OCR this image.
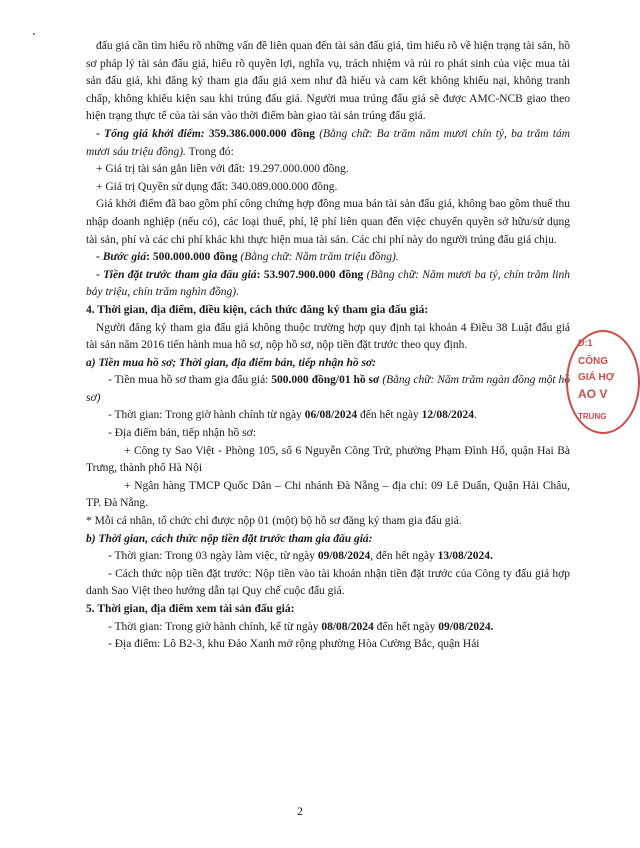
đấu giá cần tìm hiểu rõ những vấn đề liên quan đến tài sản đấu giá, tìm hiểu rõ về hiện trạng tài sản, hồ sơ pháp lý tài sản đấu giá, hiểu rõ quyền lợi, nghĩa vụ, trách nhiệm và rủi ro phát sinh của việc mua tài sản đấu giá, khi đăng ký tham gia đấu giá xem như đã hiểu và cam kết không khiếu nại, không tranh chấp, không khiếu kiện sau khi trúng đấu giá. Người mua trúng đấu giá sẽ được AMC-NCB giao theo hiện trạng thực tế của tài sản vào thời điểm bàn giao tài sản trúng đấu giá.

- Tổng giá khởi điểm: 359.386.000.000 đồng (Bằng chữ: Ba trăm năm mươi chín tỷ, ba trăm tám mươi sáu triệu đồng). Trong đó:

+ Giá trị tài sản gắn liền với đất: 19.297.000.000 đồng.

+ Giá trị Quyền sử dụng đất: 340.089.000.000 đồng.

Giá khởi điểm đã bao gồm phí công chứng hợp đồng mua bán tài sản đấu giá, không bao gồm thuế thu nhập doanh nghiệp (nếu có), các loại thuế, phí, lệ phí liên quan đến việc chuyển quyền sở hữu/sử dụng tài sản, phí và các chi phí khác khi thực hiện mua tài sản. Các chi phí này do người trúng đấu giá chịu.

- Bước giá: 500.000.000 đồng (Bằng chữ: Năm trăm triệu đồng).

- Tiền đặt trước tham gia đấu giá: 53.907.900.000 đồng (Bằng chữ: Năm mươi ba tỷ, chín trăm linh bảy triệu, chín trăm nghìn đồng).

4. Thời gian, địa điểm, điều kiện, cách thức đăng ký tham gia đấu giá:

Người đăng ký tham gia đấu giá không thuộc trường hợp quy định tại khoản 4 Điều 38 Luật đấu giá tài sản năm 2016 tiến hành mua hồ sơ, nộp hồ sơ, nộp tiền đặt trước theo quy định.

a) Tiền mua hồ sơ; Thời gian, địa điểm bán, tiếp nhận hồ sơ:

- Tiền mua hồ sơ tham gia đấu giá: 500.000 đồng/01 hồ sơ (Bằng chữ: Năm trăm ngàn đồng một hồ sơ)

- Thời gian: Trong giờ hành chính từ ngày 06/08/2024 đến hết ngày 12/08/2024.

- Địa điểm bán, tiếp nhận hồ sơ:

+ Công ty Sao Việt - Phòng 105, số 6 Nguyễn Công Trứ, phường Phạm Đình Hổ, quận Hai Bà Trưng, thành phố Hà Nội

+ Ngân hàng TMCP Quốc Dân – Chi nhánh Đà Nẵng – địa chỉ: 09 Lê Duẩn, Quận Hải Châu, TP. Đà Nẵng.

* Mỗi cá nhân, tổ chức chỉ được nộp 01 (một) bộ hồ sơ đăng ký tham gia đấu giá.

b) Thời gian, cách thức nộp tiền đặt trước tham gia đấu giá:

- Thời gian: Trong 03 ngày làm việc, từ ngày 09/08/2024, đến hết ngày 13/08/2024.

- Cách thức nộp tiền đặt trước: Nộp tiền vào tài khoản nhận tiền đặt trước của Công ty đấu giá hợp danh Sao Việt theo hướng dẫn tại Quy chế cuộc đấu giá.

5. Thời gian, địa điểm xem tài sản đấu giá:

- Thời gian: Trong giờ hành chính, kể từ ngày 08/08/2024 đến hết ngày 09/08/2024.

- Địa điểm: Lô B2-3, khu Đảo Xanh mở rộng phường Hòa Cường Bắc, quận Hải

2
Đ:1
CÔNG
GIÁ HỢ
AO V
TRUNG
